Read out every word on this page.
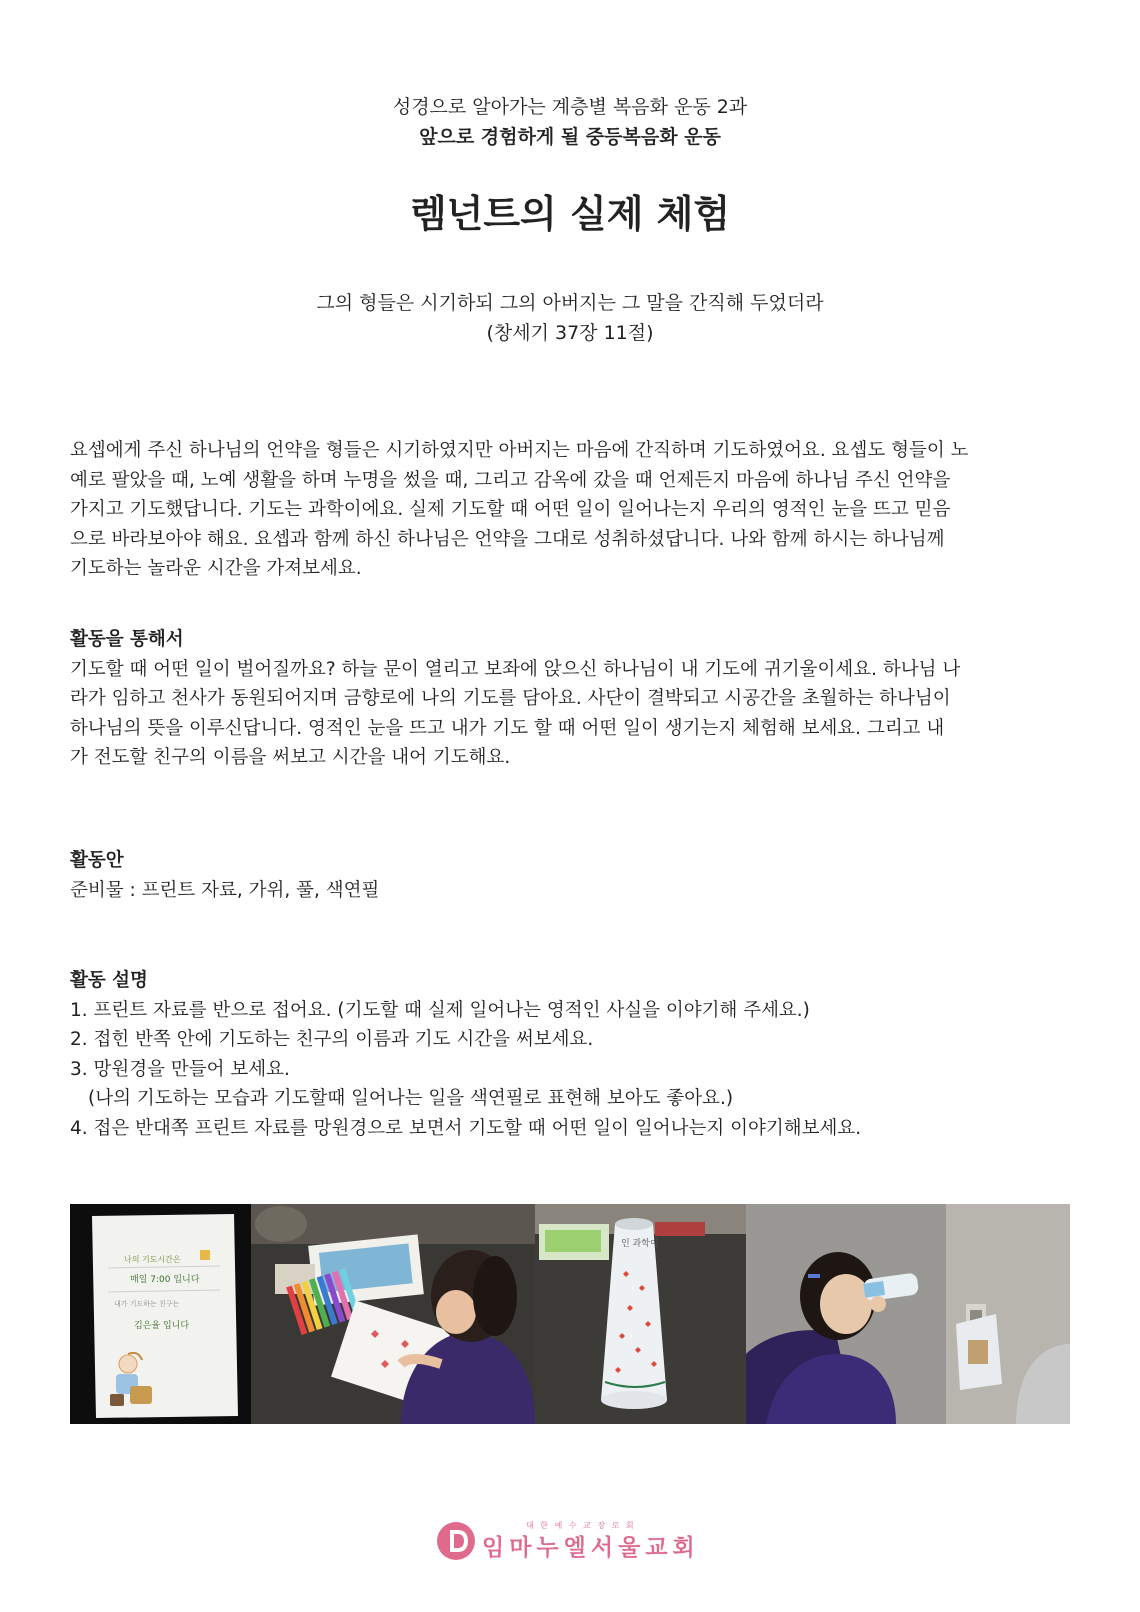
성경으로 알아가는 계층별 복음화 운동 2과
앞으로 경험하게 될 중등복음화 운동
렘넌트의 실제 체험
그의 형들은 시기하되 그의 아버지는 그 말을 간직해 두었더라
(창세기 37장 11절)
요셉에게 주신 하나님의 언약을 형들은 시기하였지만 아버지는 마음에 간직하며 기도하였어요. 요셉도 형들이 노
예로 팔았을 때, 노예 생활을 하며 누명을 썼을 때, 그리고 감옥에 갔을 때 언제든지 마음에 하나님 주신 언약을
가지고 기도했답니다. 기도는 과학이에요. 실제 기도할 때 어떤 일이 일어나는지 우리의 영적인 눈을 뜨고 믿음
으로 바라보아야 해요. 요셉과 함께 하신 하나님은 언약을 그대로 성취하셨답니다. 나와 함께 하시는 하나님께
기도하는 놀라운 시간을 가져보세요.
활동을 통해서
기도할 때 어떤 일이 벌어질까요? 하늘 문이 열리고 보좌에 앉으신 하나님이 내 기도에 귀기울이세요. 하나님 나
라가 임하고 천사가 동원되어지며 금향로에 나의 기도를 담아요. 사단이 결박되고 시공간을 초월하는 하나님이
하나님의 뜻을 이루신답니다. 영적인 눈을 뜨고 내가 기도 할 때 어떤 일이 생기는지 체험해 보세요. 그리고 내
가 전도할 친구의 이름을 써보고 시간을 내어 기도해요.
활동안
준비물 : 프린트 자료, 가위, 풀, 색연필
활동 설명
1. 프린트 자료를 반으로 접어요. (기도할 때 실제 일어나는 영적인 사실을 이야기해 주세요.)
2. 접힌 반쪽 안에 기도하는 친구의 이름과 기도 시간을 써보세요.
3. 망원경을 만들어 보세요.
(나의 기도하는 모습과 기도할때 일어나는 일을 색연필로 표현해 보아도 좋아요.)
4. 접은 반대쪽 프린트 자료를 망원경으로 보면서 기도할 때 어떤 일이 일어나는지 이야기해보세요.
나의 기도시간은
매일 7:00 입니다
내가 기도하는 친구는
김은율 입니다
인 과학이
대 한 예 수 교 장 로 회
임마누엘서울교회
